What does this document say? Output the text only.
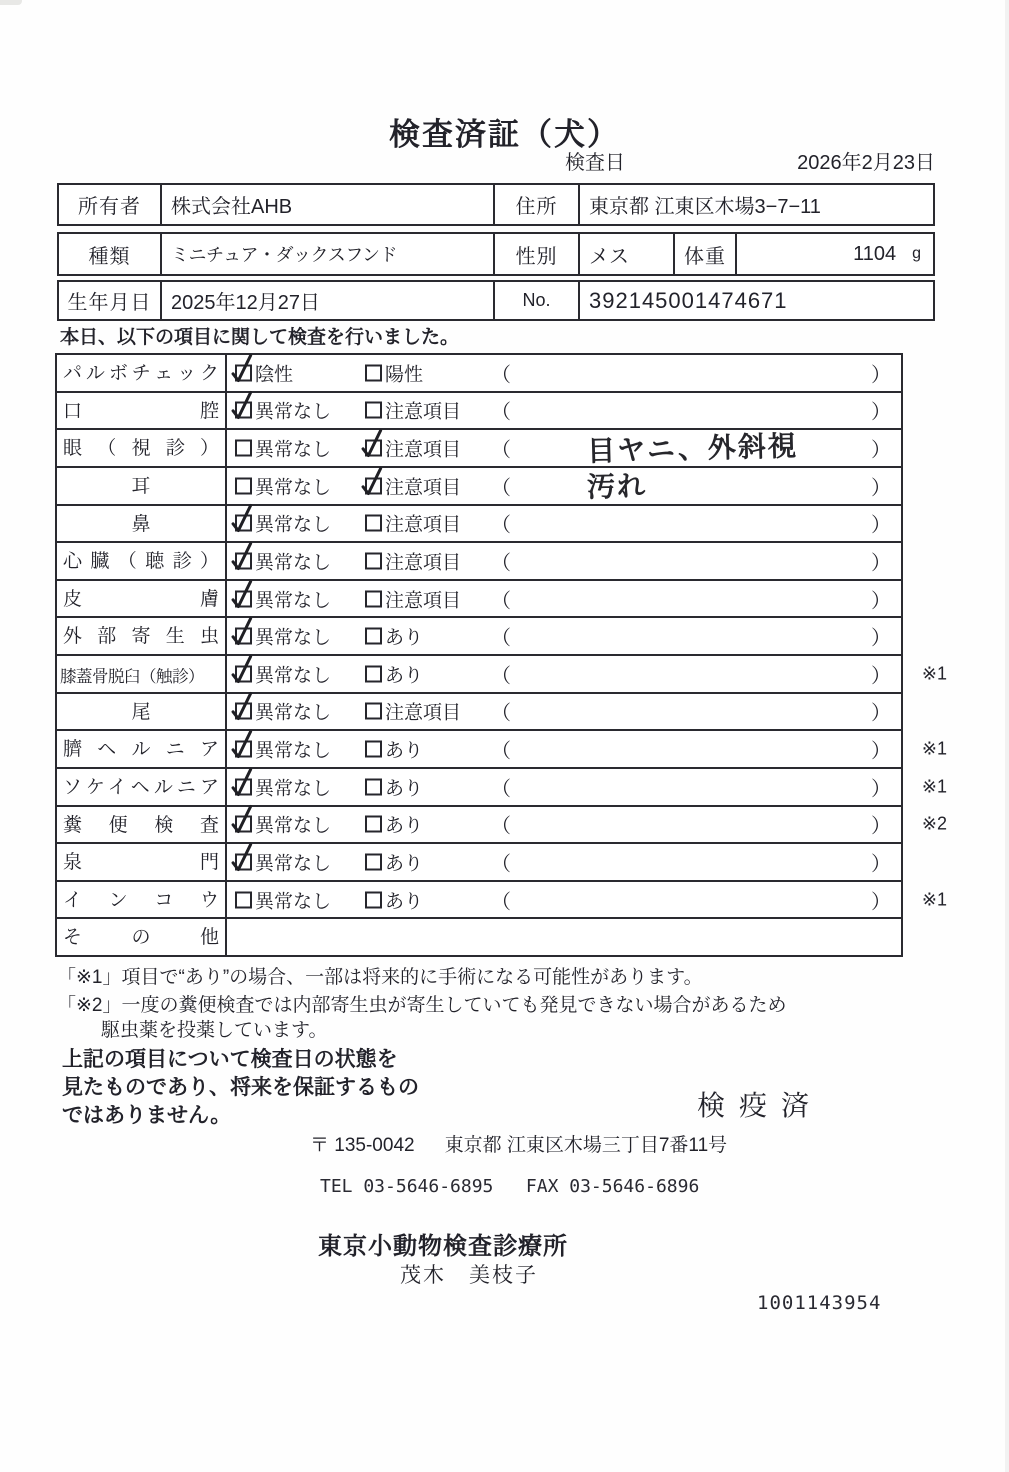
検査済証（犬）
検査日	2026年2月23日
所有者	株式会社AHB	住所	東京都 江東区木場3−7−11
種類	ミニチュア・ダックスフンド	性別	メス	体重	1104 g
生年月日 2025年12月27日	No.	392145001474671
本日、以下の項目に関して検査を行いました。
パルボチェック	陰性	陽性	（	）
口腔	異常なし	注意項目 （	）
眼（視診）	異常なし	注意項目 （	目ヤニ、外斜視	）
耳	異常なし	注意項目 （	汚れ	）
鼻	異常なし	注意項目 （	）
心臓（聴診）	異常なし	注意項目 （	）
皮膚	異常なし	注意項目 （	）
外部寄生虫	異常なし	あり	（	）
膝蓋骨脱臼（触診）	異常なし	あり	（	） ※1
尾	異常なし	注意項目 （	）
臍ヘルニア	異常なし	あり	（	） ※1
ソケイヘルニア	異常なし	あり	（	） ※1
糞便検査	異常なし	あり	（	） ※2
泉門	異常なし	あり	（	）
インコウ	異常なし	あり	（	） ※1
その他
「※1」項目で“あり”の場合、一部は将来的に手術になる可能性があります。
「※2」一度の糞便検査では内部寄生虫が寄生していても発見できない場合があるため
駆虫薬を投薬しています。
上記の項目について検査日の状態を
見たものであり、将来を保証するもの
ではありません。	検疫済
〒 135-0042 東京都 江東区木場三丁目7番11号
TEL 03-5646-6895   FAX 03-5646-6896
東京小動物検査診療所
茂木　美枝子
1001143954
